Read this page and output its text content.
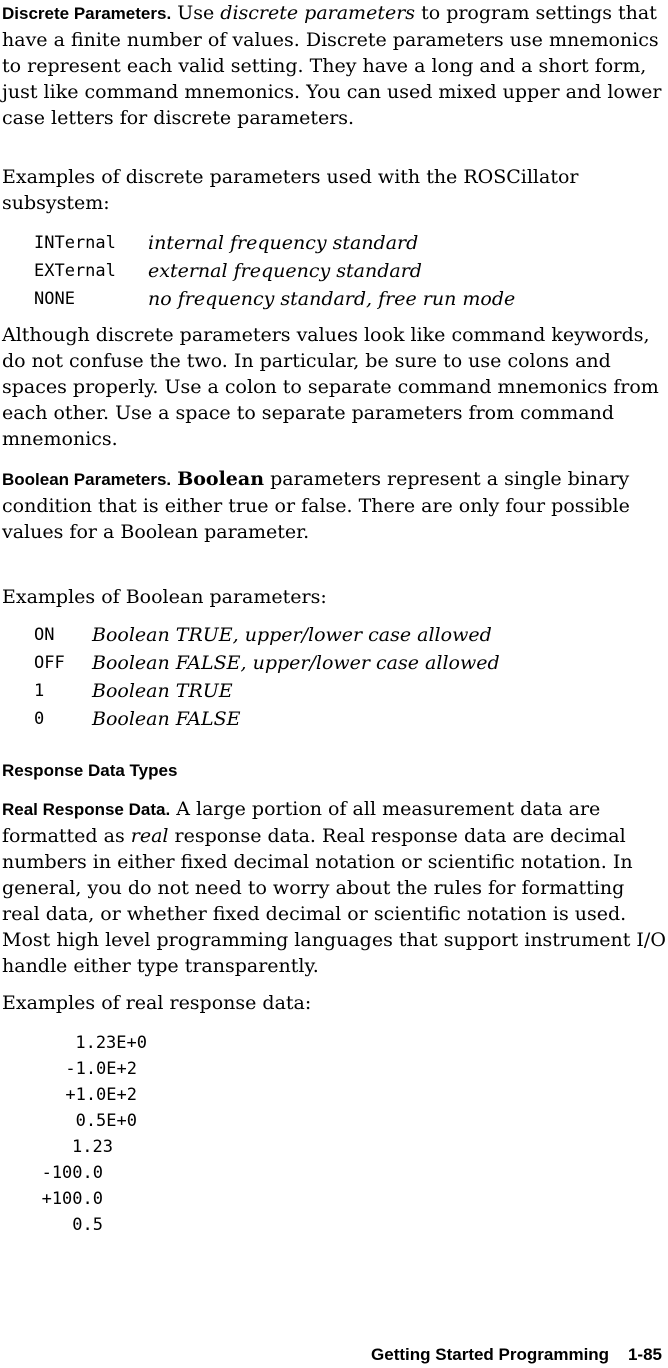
Discrete Parameters. Use discrete parameters to program settings that have a finite number of values. Discrete parameters use mnemonics to represent each valid setting. They have a long and a short form, just like command mnemonics. You can used mixed upper and lower case letters for discrete parameters.

Examples of discrete parameters used with the ROSCillator subsystem:

INTernal	internal frequency standard
EXTernal	external frequency standard
NONE	no frequency standard, free run mode

Although discrete parameters values look like command keywords, do not confuse the two. In particular, be sure to use colons and spaces properly. Use a colon to separate command mnemonics from each other. Use a space to separate parameters from command mnemonics.

Boolean Parameters. Boolean parameters represent a single binary condition that is either true or false. There are only four possible values for a Boolean parameter.

Examples of Boolean parameters:

ON	Boolean TRUE, upper/lower case allowed
OFF	Boolean FALSE, upper/lower case allowed
1	Boolean TRUE
0	Boolean FALSE
Response Data Types

Real Response Data. A large portion of all measurement data are formatted as real response data. Real response data are decimal numbers in either fixed decimal notation or scientific notation. In general, you do not need to worry about the rules for formatting real data, or whether fixed decimal or scientific notation is used. Most high level programming languages that support instrument I/O handle either type transparently.

Examples of real response data:

1.23E+0
-1.0E+2
+1.0E+2
0.5E+0
1.23
-100.0
+100.0
0.5
Getting Started Programming 1-85
